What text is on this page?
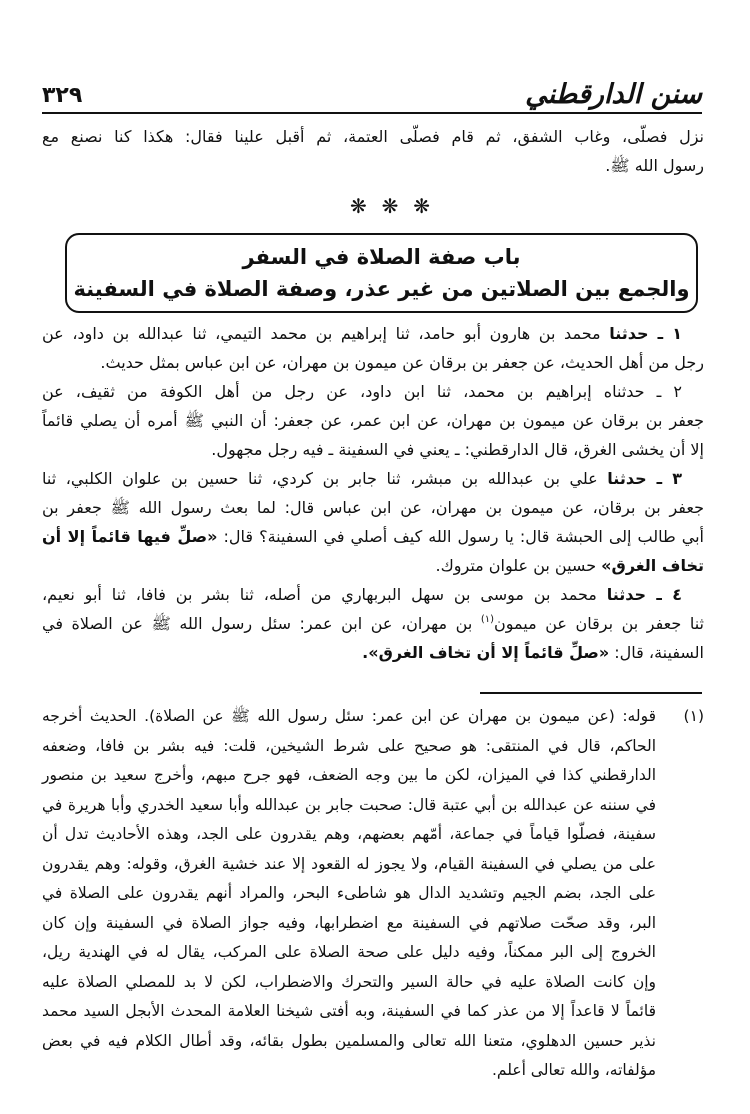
سنن الدارقطني
٣٢٩
نزل فصلّى، وغاب الشفق، ثم قام فصلّى العتمة، ثم أقبل علينا فقال: هكذا كنا نصنع مع
رسول الله ﷺ.
❋ ❋ ❋
باب صفة الصلاة في السفر
والجمع بين الصلاتين من غير عذر، وصفة الصلاة في السفينة
١ ـ حدثنا محمد بن هارون أبو حامد، ثنا إبراهيم بن محمد التيمي، ثنا عبدالله بن داود، عن
رجل من أهل الحديث، عن جعفر بن برقان عن ميمون بن مهران، عن ابن عباس بمثل حديث.
٢ ـ حدثناه إبراهيم بن محمد، ثنا ابن داود، عن رجل من أهل الكوفة من ثقيف، عن
جعفر بن برقان عن ميمون بن مهران، عن ابن عمر، عن جعفر: أن النبي ﷺ أمره أن يصلي قائماً
إلا أن يخشى الغرق، قال الدارقطني: ـ يعني في السفينة ـ فيه رجل مجهول.
٣ ـ حدثنا علي بن عبدالله بن مبشر، ثنا جابر بن كردي، ثنا حسين بن علوان الكلبي، ثنا
جعفر بن برقان، عن ميمون بن مهران، عن ابن عباس قال: لما بعث رسول الله ﷺ جعفر بن
أبي طالب إلى الحبشة قال: يا رسول الله كيف أصلي في السفينة؟ قال: «صلِّ فيها قائماً إلا أن
تخاف الغرق» حسين بن علوان متروك.
٤ ـ حدثنا محمد بن موسى بن سهل البربهاري من أصله، ثنا بشر بن فافا، ثنا أبو نعيم،
ثنا جعفر بن برقان عن ميمون$^{(١)}$ بن مهران، عن ابن عمر: سئل رسول الله ﷺ عن الصلاة في
السفينة، قال: «صلِّ قائماً إلا أن تخاف الغرق».
(١)قوله: (عن ميمون بن مهران عن ابن عمر: سئل رسول الله ﷺ عن الصلاة). الحديث أخرجه
الحاكم، قال في المنتقى: هو صحيح على شرط الشيخين، قلت: فيه بشر بن فافا، وضعفه
الدارقطني كذا في الميزان، لكن ما بين وجه الضعف، فهو جرح مبهم، وأخرج سعيد بن منصور
في سننه عن عبدالله بن أبي عتبة قال: صحبت جابر بن عبدالله وأبا سعيد الخدري وأبا هريرة في
سفينة، فصلّوا قياماً في جماعة، أمّهم بعضهم، وهم يقدرون على الجد، وهذه الأحاديث تدل أن
على من يصلي في السفينة القيام، ولا يجوز له القعود إلا عند خشية الغرق، وقوله: وهم يقدرون
على الجد، بضم الجيم وتشديد الدال هو شاطىء البحر، والمراد أنهم يقدرون على الصلاة في
البر، وقد صحّت صلاتهم في السفينة مع اضطرابها، وفيه جواز الصلاة في السفينة وإن كان
الخروج إلى البر ممكناً، وفيه دليل على صحة الصلاة على المركب، يقال له في الهندية ريل،
وإن كانت الصلاة عليه في حالة السير والتحرك والاضطراب، لكن لا بد للمصلي الصلاة عليه
قائماً لا قاعداً إلا من عذر كما في السفينة، وبه أفتى شيخنا العلامة المحدث الأبجل السيد محمد
نذير حسين الدهلوي، متعنا الله تعالى والمسلمين بطول بقائه، وقد أطال الكلام فيه في بعض
مؤلفاته، والله تعالى أعلم.
